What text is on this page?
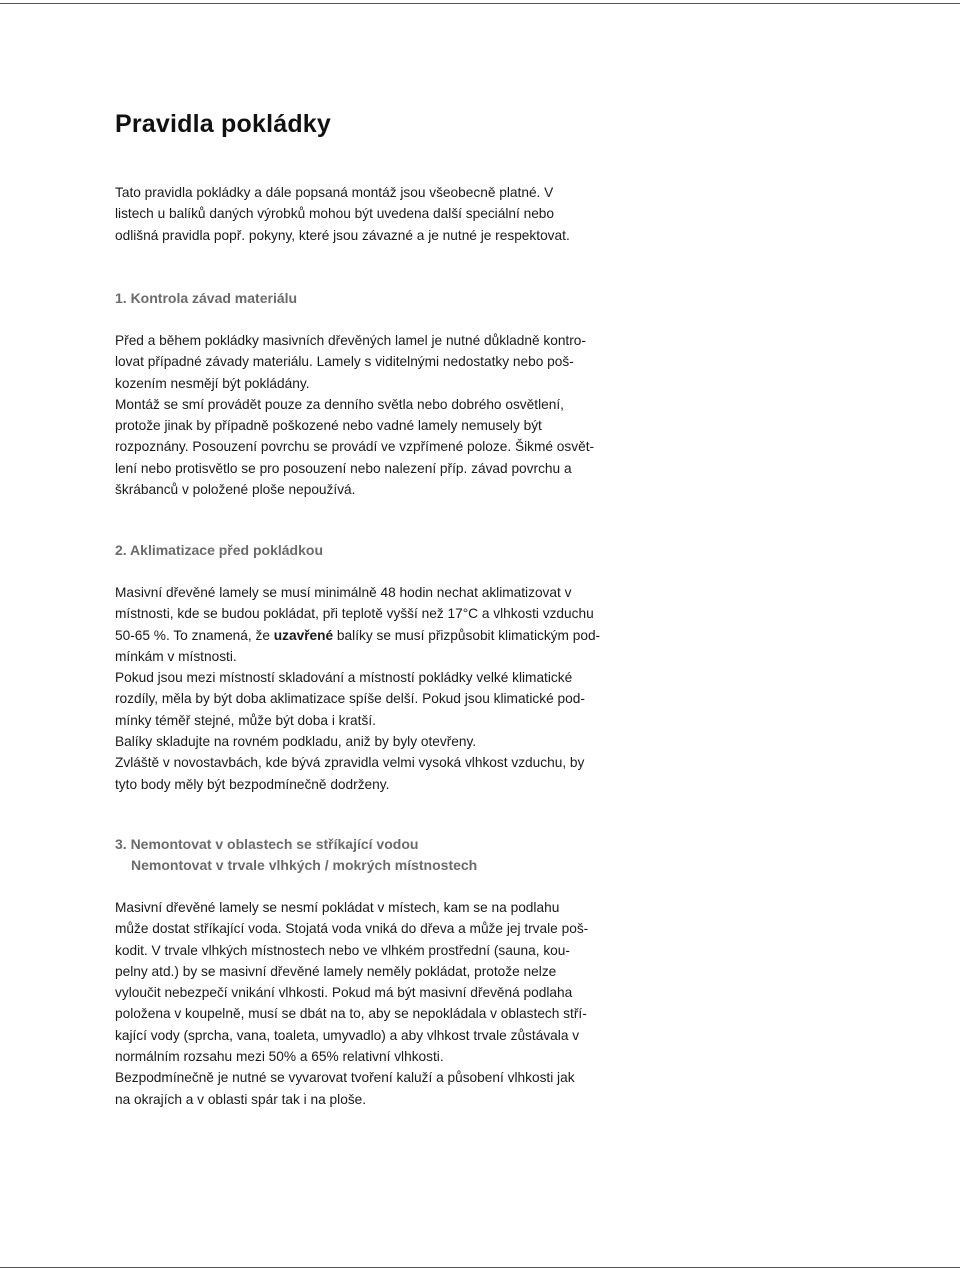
Pravidla pokládky

Tato pravidla pokládky a dále popsaná montáž jsou všeobecně platné. V

listech u balíků daných výrobků mohou být uvedena další speciální nebo

odlišná pravidla popř. pokyny, které jsou závazné a je nutné je respektovat.

1. Kontrola závad materiálu

Před a během pokládky masivních dřevěných lamel je nutné důkladně kontro-

lovat případné závady materiálu. Lamely s viditelnými nedostatky nebo poš-

kozením nesmějí být pokládány.

Montáž se smí provádět pouze za denního světla nebo dobrého osvětlení,

protože jinak by případně poškozené nebo vadné lamely nemusely být

rozpoznány. Posouzení povrchu se provádí ve vzpřímené poloze. Šikmé osvět-

lení nebo protisvětlo se pro posouzení nebo nalezení příp. závad povrchu a

škrábanců v položené ploše nepoužívá.

2. Aklimatizace před pokládkou

Masivní dřevěné lamely se musí minimálně 48 hodin nechat aklimatizovat v

místnosti, kde se budou pokládat, při teplotě vyšší než 17°C a vlhkosti vzduchu

50-65 %. To znamená, že uzavřené balíky se musí přizpůsobit klimatickým pod-

mínkám v místnosti.

Pokud jsou mezi místností skladování a místností pokládky velké klimatické

rozdíly, měla by být doba aklimatizace spíše delší. Pokud jsou klimatické pod-

mínky téměř stejné, může být doba i kratší.

Balíky skladujte na rovném podkladu, aniž by byly otevřeny.

Zvláště v novostavbách, kde bývá zpravidla velmi vysoká vlhkost vzduchu, by

tyto body měly být bezpodmínečně dodrženy.

3. Nemontovat v oblastech se stříkající vodou
Nemontovat v trvale vlhkých / mokrých místnostech

Masivní dřevěné lamely se nesmí pokládat v místech, kam se na podlahu

může dostat stříkající voda. Stojatá voda vniká do dřeva a může jej trvale poš-

kodit. V trvale vlhkých místnostech nebo ve vlhkém prostřední (sauna, kou-

pelny atd.) by se masivní dřevěné lamely neměly pokládat, protože nelze

vyloučit nebezpečí vnikání vlhkosti. Pokud má být masivní dřevěná podlaha

položena v koupelně, musí se dbát na to, aby se nepokládala v oblastech stří-

kající vody (sprcha, vana, toaleta, umyvadlo) a aby vlhkost trvale zůstávala v

normálním rozsahu mezi 50% a 65% relativní vlhkosti.

Bezpodmínečně je nutné se vyvarovat tvoření kaluží a působení vlhkosti jak

na okrajích a v oblasti spár tak i na ploše.
